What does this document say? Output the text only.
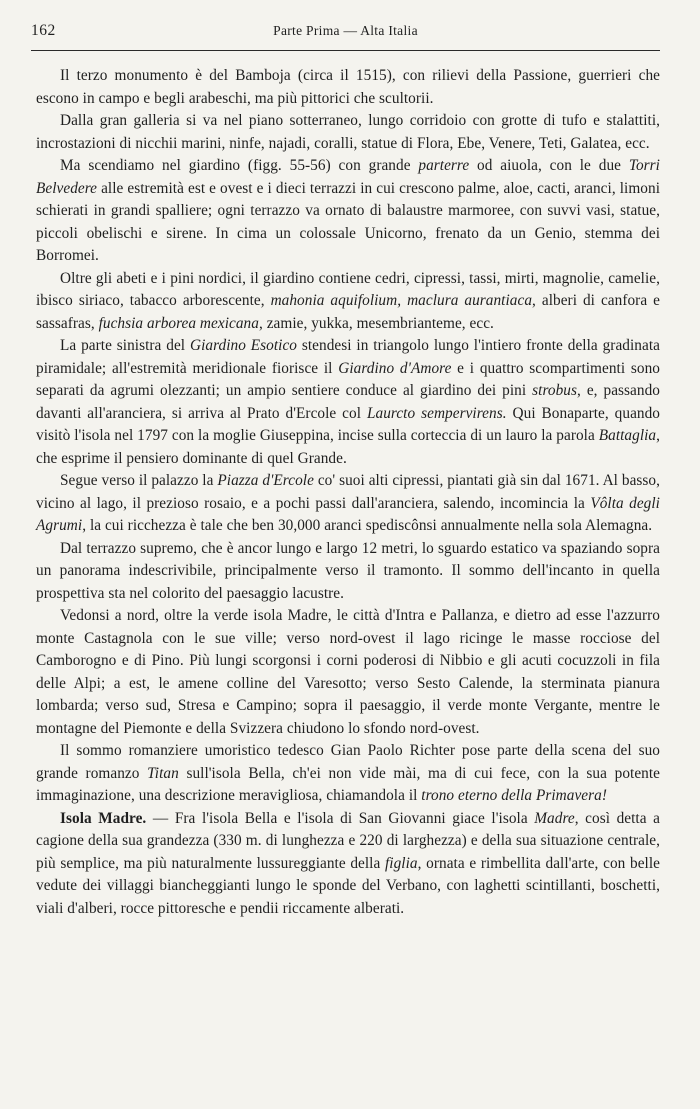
162	Parte Prima — Alta Italia

Il terzo monumento è del Bamboja (circa il 1515), con rilievi della Passione, guerrieri che escono in campo e begli arabeschi, ma più pittorici che scultorii.

Dalla gran galleria si va nel piano sotterraneo, lungo corridoio con grotte di tufo e stalattiti, incrostazioni di nicchii marini, ninfe, najadi, coralli, statue di Flora, Ebe, Venere, Teti, Galatea, ecc.

Ma scendiamo nel giardino (figg. 55-56) con grande parterre od aiuola, con le due Torri Belvedere alle estremità est e ovest e i dieci terrazzi in cui crescono palme, aloe, cacti, aranci, limoni schierati in grandi spalliere; ogni terrazzo va ornato di balaustre marmoree, con suvvi vasi, statue, piccoli obelischi e sirene. In cima un colossale Unicorno, frenato da un Genio, stemma dei Borromei.

Oltre gli abeti e i pini nordici, il giardino contiene cedri, cipressi, tassi, mirti, magnolie, camelie, ibisco siriaco, tabacco arborescente, mahonia aquifolium, maclura aurantiaca, alberi di canfora e sassafras, fuchsia arborea mexicana, zamie, yukka, mesembrianteme, ecc.

La parte sinistra del Giardino Esotico stendesi in triangolo lungo l'intiero fronte della gradinata piramidale; all'estremità meridionale fiorisce il Giardino d'Amore e i quattro scompartimenti sono separati da agrumi olezzanti; un ampio sentiere conduce al giardino dei pini strobus, e, passando davanti all'aranciera, si arriva al Prato d'Ercole col Laurcto sempervirens. Qui Bonaparte, quando visitò l'isola nel 1797 con la moglie Giuseppina, incise sulla corteccia di un lauro la parola Battaglia, che esprime il pensiero dominante di quel Grande.

Segue verso il palazzo la Piazza d'Ercole co' suoi alti cipressi, piantati già sin dal 1671. Al basso, vicino al lago, il prezioso rosaio, e a pochi passi dall'aranciera, salendo, incomincia la Vôlta degli Agrumi, la cui ricchezza è tale che ben 30,000 aranci spediscônsi annualmente nella sola Alemagna.

Dal terrazzo supremo, che è ancor lungo e largo 12 metri, lo sguardo estatico va spaziando sopra un panorama indescrivibile, principalmente verso il tramonto. Il sommo dell'incanto in quella prospettiva sta nel colorito del paesaggio lacustre.

Vedonsi a nord, oltre la verde isola Madre, le città d'Intra e Pallanza, e dietro ad esse l'azzurro monte Castagnola con le sue ville; verso nord-ovest il lago ricinge le masse rocciose del Camborogno e di Pino. Più lungi scorgonsi i corni poderosi di Nibbio e gli acuti cocuzzoli in fila delle Alpi; a est, le amene colline del Varesotto; verso Sesto Calende, la sterminata pianura lombarda; verso sud, Stresa e Campino; sopra il paesaggio, il verde monte Vergante, mentre le montagne del Piemonte e della Svizzera chiudono lo sfondo nord-ovest.

Il sommo romanziere umoristico tedesco Gian Paolo Richter pose parte della scena del suo grande romanzo Titan sull'isola Bella, ch'ei non vide mài, ma di cui fece, con la sua potente immaginazione, una descrizione meravigliosa, chiamandola il trono eterno della Primavera!

Isola Madre. — Fra l'isola Bella e l'isola di San Giovanni giace l'isola Madre, così detta a cagione della sua grandezza (330 m. di lunghezza e 220 di larghezza) e della sua situazione centrale, più semplice, ma più naturalmente lussureggiante della figlia, ornata e rimbellita dall'arte, con belle vedute dei villaggi biancheggianti lungo le sponde del Verbano, con laghetti scintillanti, boschetti, viali d'alberi, rocce pittoresche e pendii riccamente alberati.
